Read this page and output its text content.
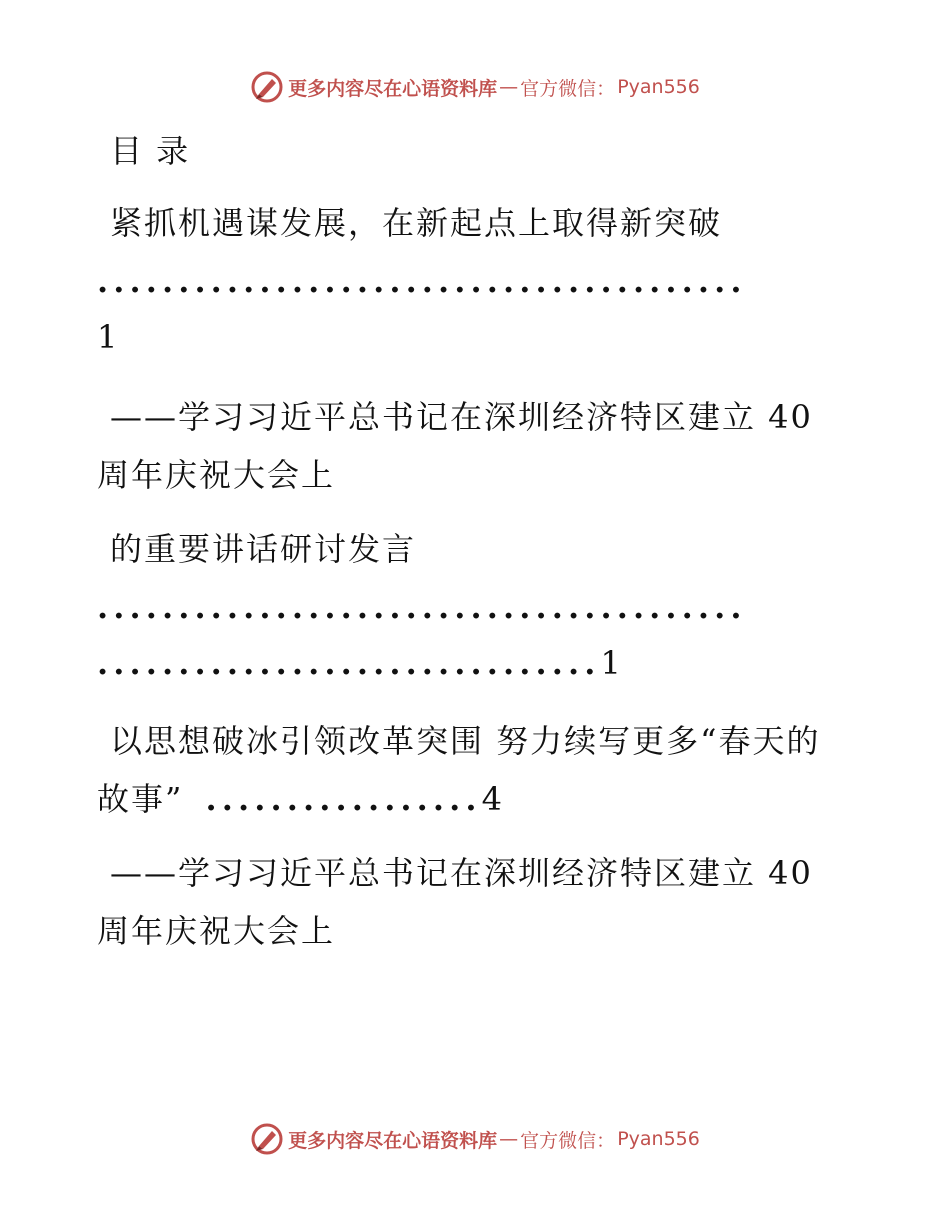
更多内容尽在心语资料库 — 官方微信： Pyan556
目 录
紧抓机遇谋发展，在新起点上取得新突破
........................................
1
——学习习近平总书记在深圳经济特区建立 40
周年庆祝大会上
的重要讲话研讨发言
........................................
...............................1
以思想破冰引领改革突围 努力续写更多“春天的
故事” .................4
——学习习近平总书记在深圳经济特区建立 40
周年庆祝大会上
更多内容尽在心语资料库 — 官方微信： Pyan556
